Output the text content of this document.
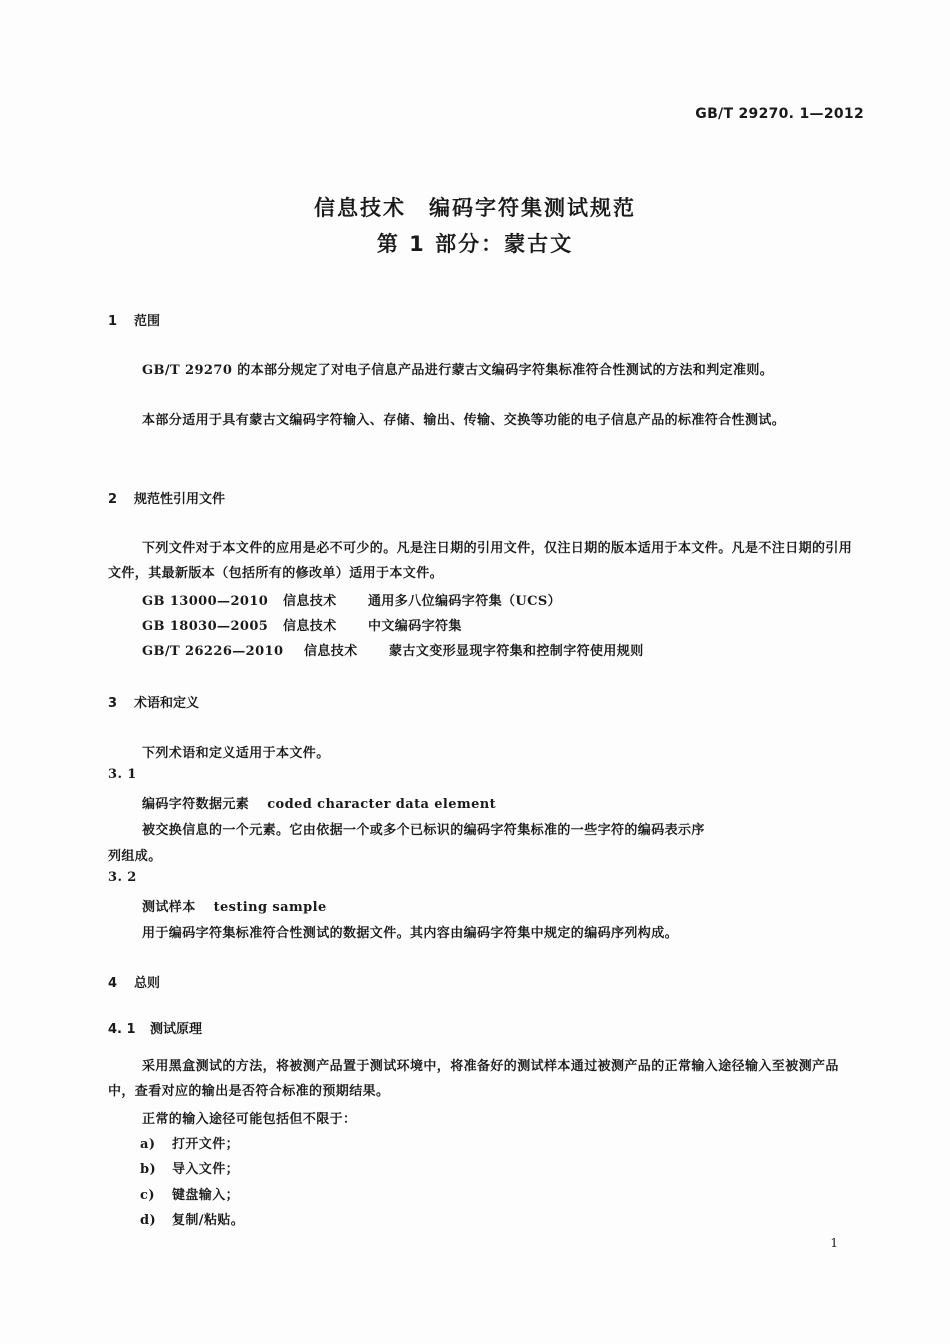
GB/T 29270. 1—2012
信息技术　编码字符集测试规范
第 1 部分：蒙古文
1 范围
GB/T 29270 的本部分规定了对电子信息产品进行蒙古文编码字符集标准符合性测试的方法和判定准则。
本部分适用于具有蒙古文编码字符输入、存储、输出、传输、交换等功能的电子信息产品的标准符合性测试。
2 规范性引用文件
下列文件对于本文件的应用是必不可少的。凡是注日期的引用文件，仅注日期的版本适用于本文件。凡是不注日期的引用文件，其最新版本（包括所有的修改单）适用于本文件。
GB 13000—2010 信息技术 通用多八位编码字符集（UCS）
GB 18030—2005 信息技术 中文编码字符集
GB/T 26226—2010 信息技术 蒙古文变形显现字符集和控制字符使用规则
3 术语和定义
下列术语和定义适用于本文件。
3. 1
编码字符数据元素 coded character data element
被交换信息的一个元素。它由依据一个或多个已标识的编码字符集标准的一些字符的编码表示序
列组成。
3. 2
测试样本 testing sample
用于编码字符集标准符合性测试的数据文件。其内容由编码字符集中规定的编码序列构成。
4 总则
4. 1 测试原理
采用黑盒测试的方法，将被测产品置于测试环境中，将准备好的测试样本通过被测产品的正常输入途径输入至被测产品中，查看对应的输出是否符合标准的预期结果。
正常的输入途径可能包括但不限于：
a) 打开文件；
b) 导入文件；
c) 键盘输入；
d) 复制/粘贴。
1
